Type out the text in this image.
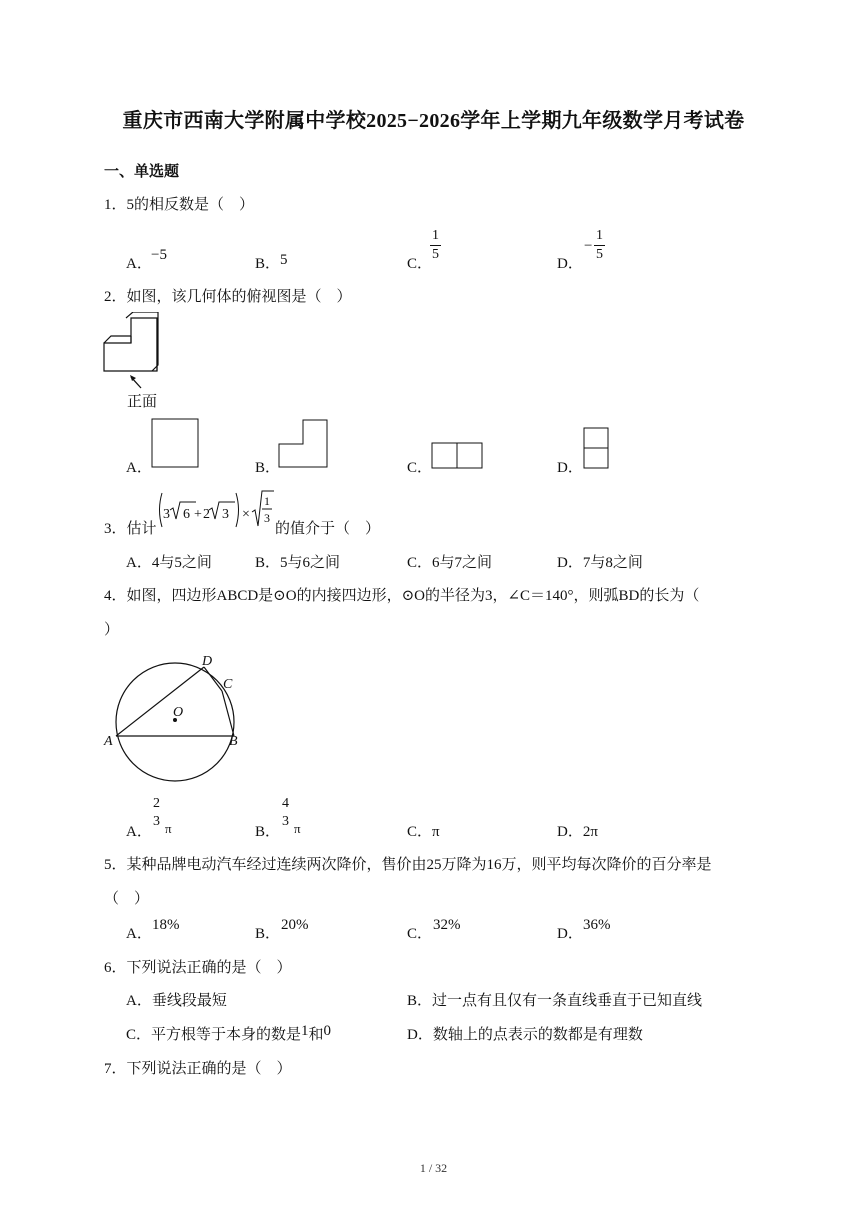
重庆市西南大学附属中学校2025−2026学年上学期九年级数学月考试卷
一、单选题
1．5的相反数是（　）
A．
−5
B． 5	C．
$\frac{1}{5}$
D．
− $\frac{1}{5}$
2．如图，该几何体的俯视图是（　）
正面
A．	B．	C．	D．
3．估计
3 6 + 2 3 ×
1
3
的值介于（　）
A．4与5之间	B．5与6之间	C．6与7之间	D．7与8之间
4．如图，四边形ABCD是⊙O的内接四边形，⊙O的半径为3，∠C＝140°，则弧BD的长为（
）
D
C
O
A	B
A．
2
3 π	B．
4
3 π	C．π	D．2π
5．某种品牌电动汽车经过连续两次降价，售价由25万降为16万，则平均每次降价的百分率是
（　）
A．
18%
B．
20%
C．
32%
D．
36%
6．下列说法正确的是（　）
A．垂线段最短	B．过一点有且仅有一条直线垂直于已知直线
C．平方根等于本身的数是1和0	D．数轴上的点表示的数都是有理数
7．下列说法正确的是（　）
1 / 32
